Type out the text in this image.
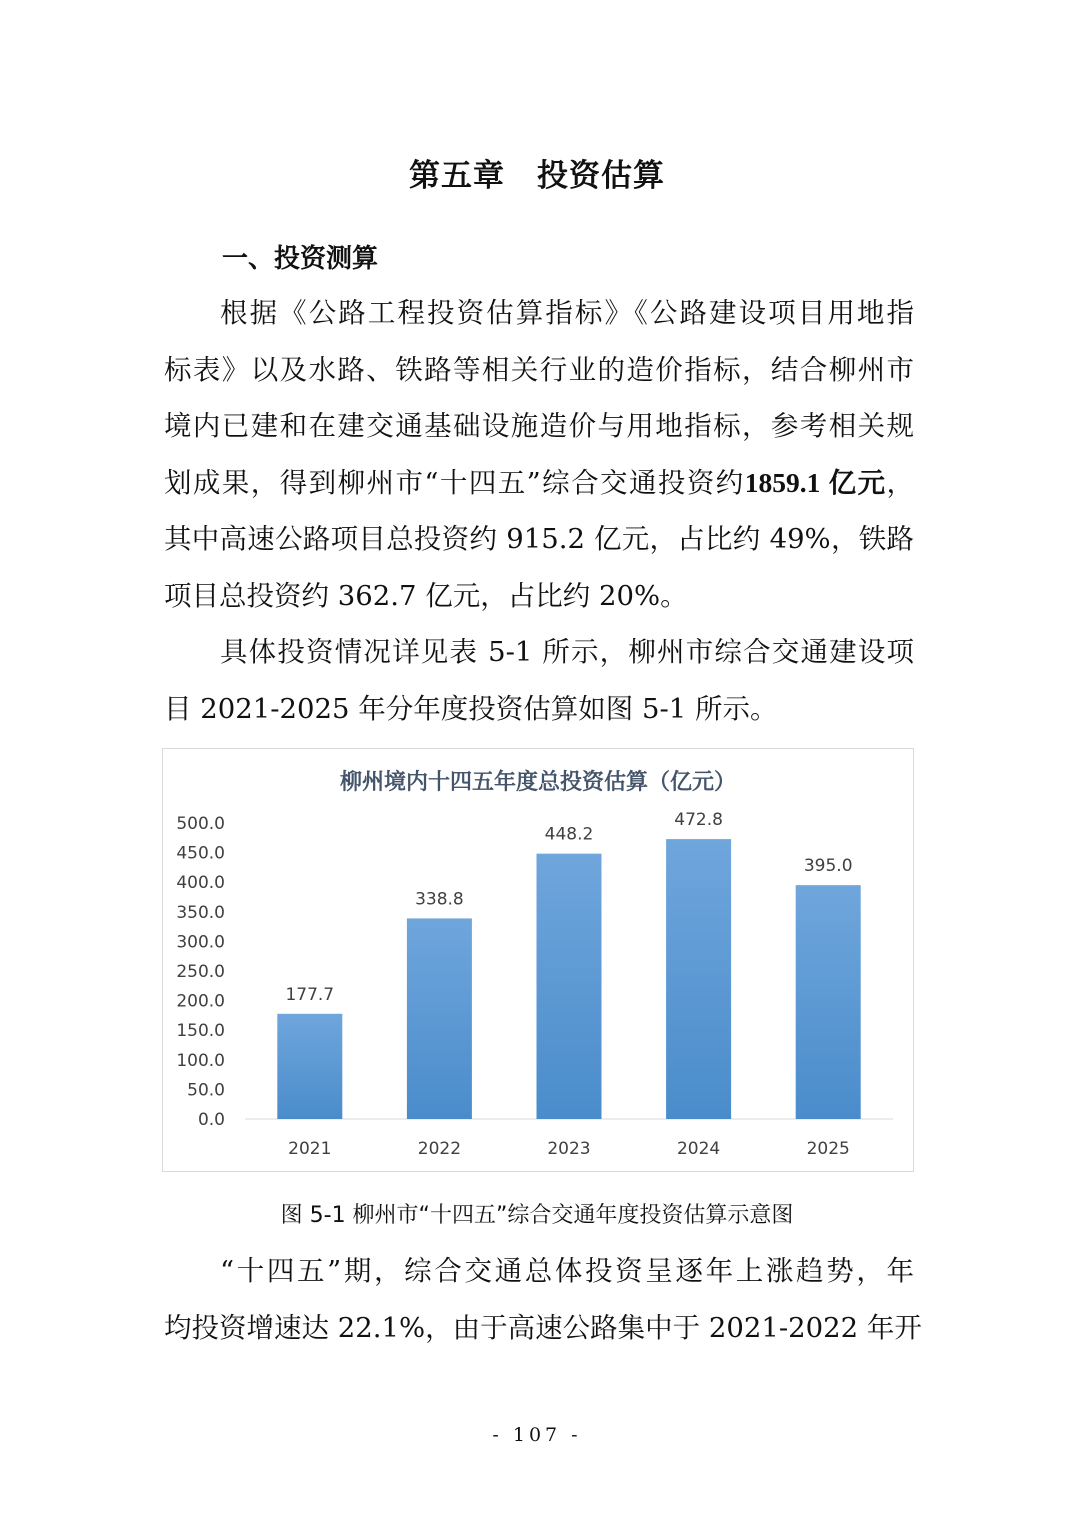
第五章　投资估算
一、投资测算

根据《公路工程投资估算指标》《公路建设项目用地指

标表》以及水路、铁路等相关行业的造价指标，结合柳州市

境内已建和在建交通基础设施造价与用地指标，参考相关规

划成果，得到柳州市“十四五”综合交通投资约1859.1 亿元，

其中高速公路项目总投资约 915.2 亿元，占比约 49%，铁路

项目总投资约 362.7 亿元，占比约 20%。

具体投资情况详见表 5-1 所示，柳州市综合交通建设项

目 2021-2025 年分年度投资估算如图 5-1 所示。

柳州境内十四五年度总投资估算（亿元）
0.0
50.0
100.0
150.0
200.0
250.0
300.0
350.0
400.0
450.0
500.0
177.7
338.8
448.2
472.8
395.0
2021	2022	2023	2024	2025
图 5-1 柳州市“十四五”综合交通年度投资估算示意图

“十四五”期，综合交通总体投资呈逐年上涨趋势，年

均投资增速达 22.1%，由于高速公路集中于 2021-2022 年开

- 107 -
